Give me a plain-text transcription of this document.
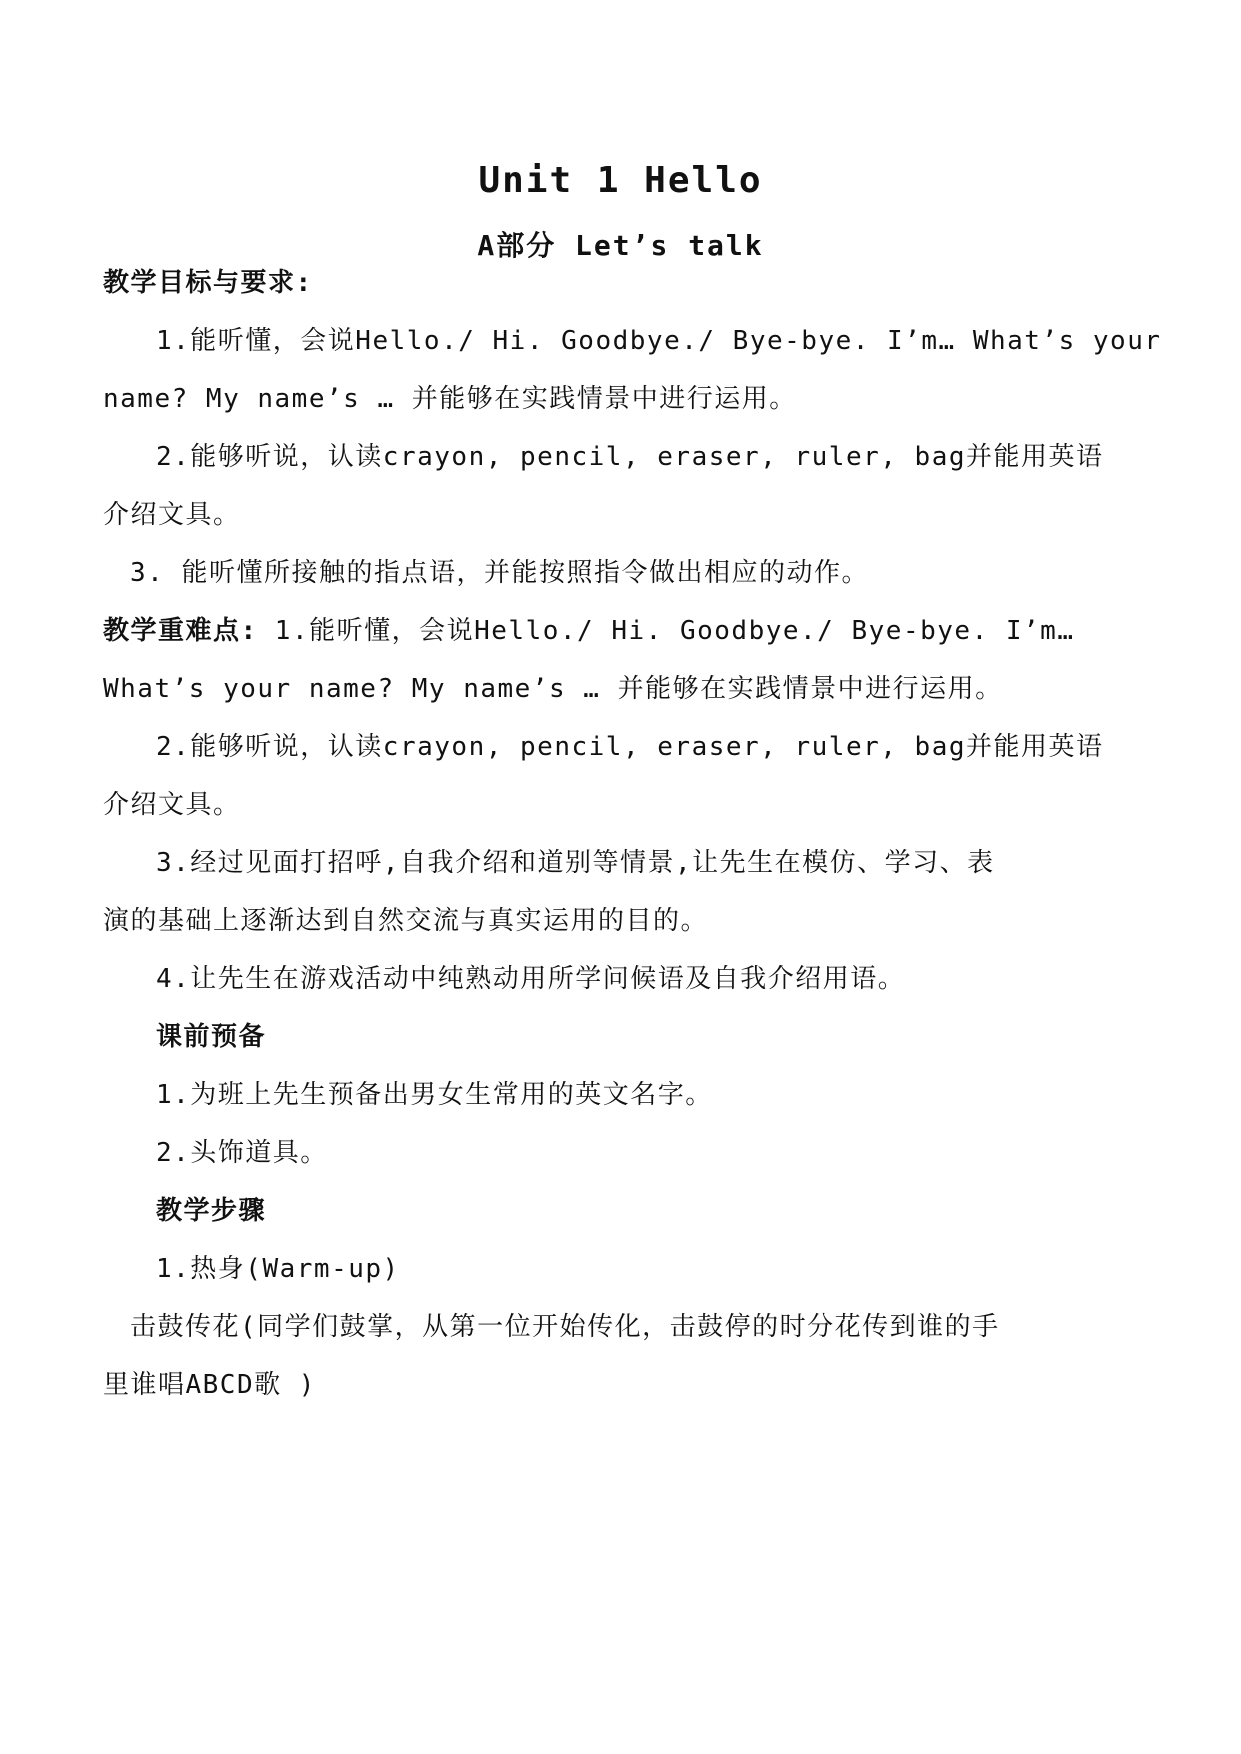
Unit 1 Hello
A部分 Let’s talk
教学目标与要求:
1.能听懂，会说Hello./ Hi. Goodbye./ Bye-bye. I’m… What’s your
name? My name’s … 并能够在实践情景中进行运用。
2.能够听说，认读crayon, pencil, eraser, ruler, bag并能用英语
介绍文具。
3. 能听懂所接触的指点语，并能按照指令做出相应的动作。
教学重难点: 1.能听懂，会说Hello./ Hi. Goodbye./ Bye-bye. I’m…
What’s your name? My name’s … 并能够在实践情景中进行运用。
2.能够听说，认读crayon, pencil, eraser, ruler, bag并能用英语
介绍文具。
3.经过见面打招呼,自我介绍和道别等情景,让先生在模仿、学习、表
演的基础上逐渐达到自然交流与真实运用的目的。
4.让先生在游戏活动中纯熟动用所学问候语及自我介绍用语。
课前预备
1.为班上先生预备出男女生常用的英文名字。
2.头饰道具。
教学步骤
1.热身(Warm-up)
击鼓传花(同学们鼓掌，从第一位开始传化，击鼓停的时分花传到谁的手
里谁唱ABCD歌 )
